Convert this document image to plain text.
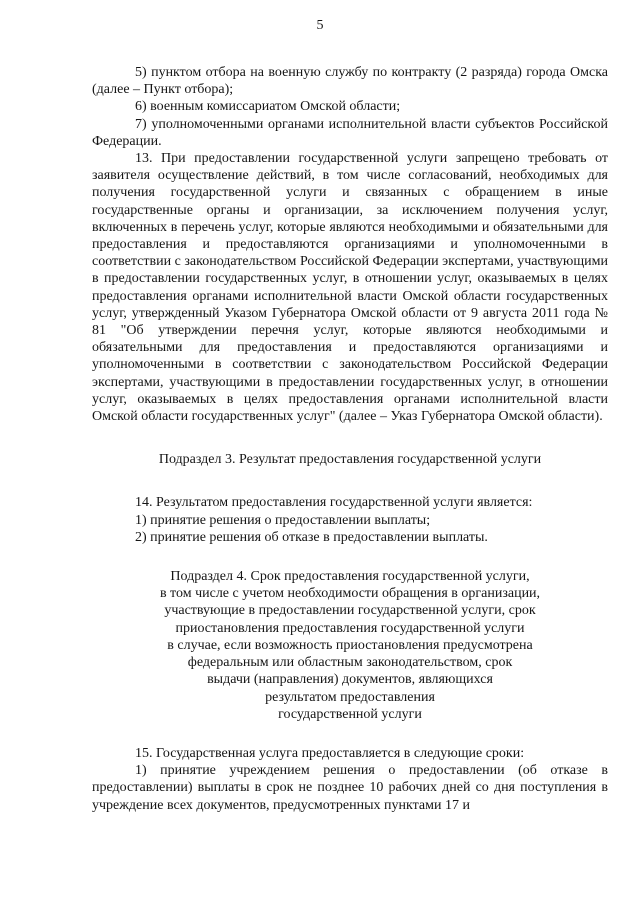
5

5) пунктом отбора на военную службу по контракту (2 разряда) города Омска (далее – Пункт отбора);

6) военным комиссариатом Омской области;

7) уполномоченными органами исполнительной власти субъектов Российской Федерации.

13. При предоставлении государственной услуги запрещено требовать от заявителя осуществление действий, в том числе согласований, необходимых для получения государственной услуги и связанных с обращением в иные государственные органы и организации, за исключением получения услуг, включенных в перечень услуг, которые являются необходимыми и обязательными для предоставления и предоставляются организациями и уполномоченными в соответствии с законодательством Российской Федерации экспертами, участвующими в предоставлении государственных услуг, в отношении услуг, оказываемых в целях предоставления органами исполнительной власти Омской области государственных услуг, утвержденный Указом Губернатора Омской области от 9 августа 2011 года № 81 "Об утверждении перечня услуг, которые являются необходимыми и обязательными для предоставления и предоставляются организациями и уполномоченными в соответствии с законодательством Российской Федерации экспертами, участвующими в предоставлении государственных услуг, в отношении услуг, оказываемых в целях предоставления органами исполнительной власти Омской области государственных услуг" (далее – Указ Губернатора Омской области).

Подраздел 3. Результат предоставления государственной услуги

14. Результатом предоставления государственной услуги является:

1) принятие решения о предоставлении выплаты;

2) принятие решения об отказе в предоставлении выплаты.

Подраздел 4. Срок предоставления государственной услуги,
в том числе с учетом необходимости обращения в организации,
участвующие в предоставлении государственной услуги, срок
приостановления предоставления государственной услуги
в случае, если возможность приостановления предусмотрена
федеральным или областным законодательством, срок
выдачи (направления) документов, являющихся
результатом предоставления
государственной услуги

15. Государственная услуга предоставляется в следующие сроки:

1) принятие учреждением решения о предоставлении (об отказе в предоставлении) выплаты в срок не позднее 10 рабочих дней со дня поступления в учреждение всех документов, предусмотренных пунктами 17 и
